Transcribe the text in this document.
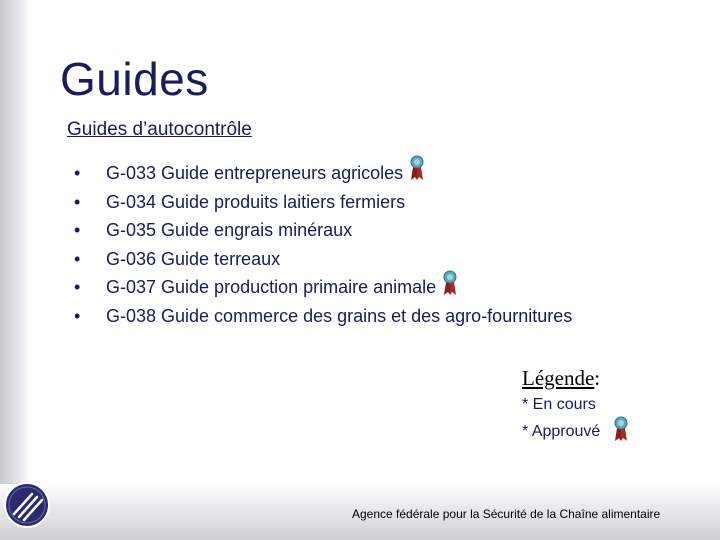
Guides
Guides d’autocontrôle
• G-033 Guide entrepreneurs agricoles
• G-034 Guide produits laitiers fermiers
• G-035 Guide engrais minéraux
• G-036 Guide terreaux
• G-037 Guide production primaire animale
• G-038 Guide commerce des grains et des agro-fournitures
Légende:
* En cours
* Approuvé
Agence fédérale pour la Sécurité de la Chaîne alimentaire
